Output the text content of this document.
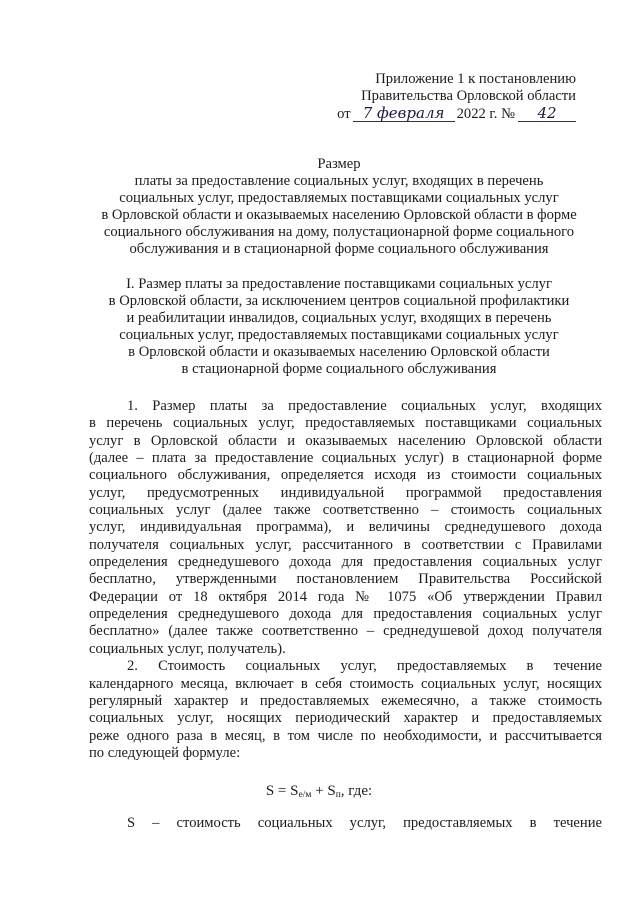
Приложение 1 к постановлению
Правительства Орловской области
от 7 февраля 2022 г. № 42
Размер
платы за предоставление социальных услуг, входящих в перечень
социальных услуг, предоставляемых поставщиками социальных услуг
в Орловской области и оказываемых населению Орловской области в форме
социального обслуживания на дому, полустационарной форме социального
обслуживания и в стационарной форме социального обслуживания
I. Размер платы за предоставление поставщиками социальных услуг
в Орловской области, за исключением центров социальной профилактики
и реабилитации инвалидов, социальных услуг, входящих в перечень
социальных услуг, предоставляемых поставщиками социальных услуг
в Орловской области и оказываемых населению Орловской области
в стационарной форме социального обслуживания
1. Размер платы за предоставление социальных услуг, входящих
в перечень социальных услуг, предоставляемых поставщиками социальных
услуг в Орловской области и оказываемых населению Орловской области
(далее – плата за предоставление социальных услуг) в стационарной форме
социального обслуживания, определяется исходя из стоимости социальных
услуг, предусмотренных индивидуальной программой предоставления
социальных услуг (далее также соответственно – стоимость социальных
услуг, индивидуальная программа), и величины среднедушевого дохода
получателя социальных услуг, рассчитанного в соответствии с Правилами
определения среднедушевого дохода для предоставления социальных услуг
бесплатно, утвержденными постановлением Правительства Российской
Федерации от 18 октября 2014 года № 1075 «Об утверждении Правил
определения среднедушевого дохода для предоставления социальных услуг
бесплатно» (далее также соответственно – среднедушевой доход получателя
социальных услуг, получатель).
2. Стоимость социальных услуг, предоставляемых в течение
календарного месяца, включает в себя стоимость социальных услуг, носящих
регулярный характер и предоставляемых ежемесячно, а также стоимость
социальных услуг, носящих периодический характер и предоставляемых
реже одного раза в месяц, в том числе по необходимости, и рассчитывается
по следующей формуле:
$S = S_{е/м} + S_п$, где:
S – стоимость социальных услуг, предоставляемых в течение
